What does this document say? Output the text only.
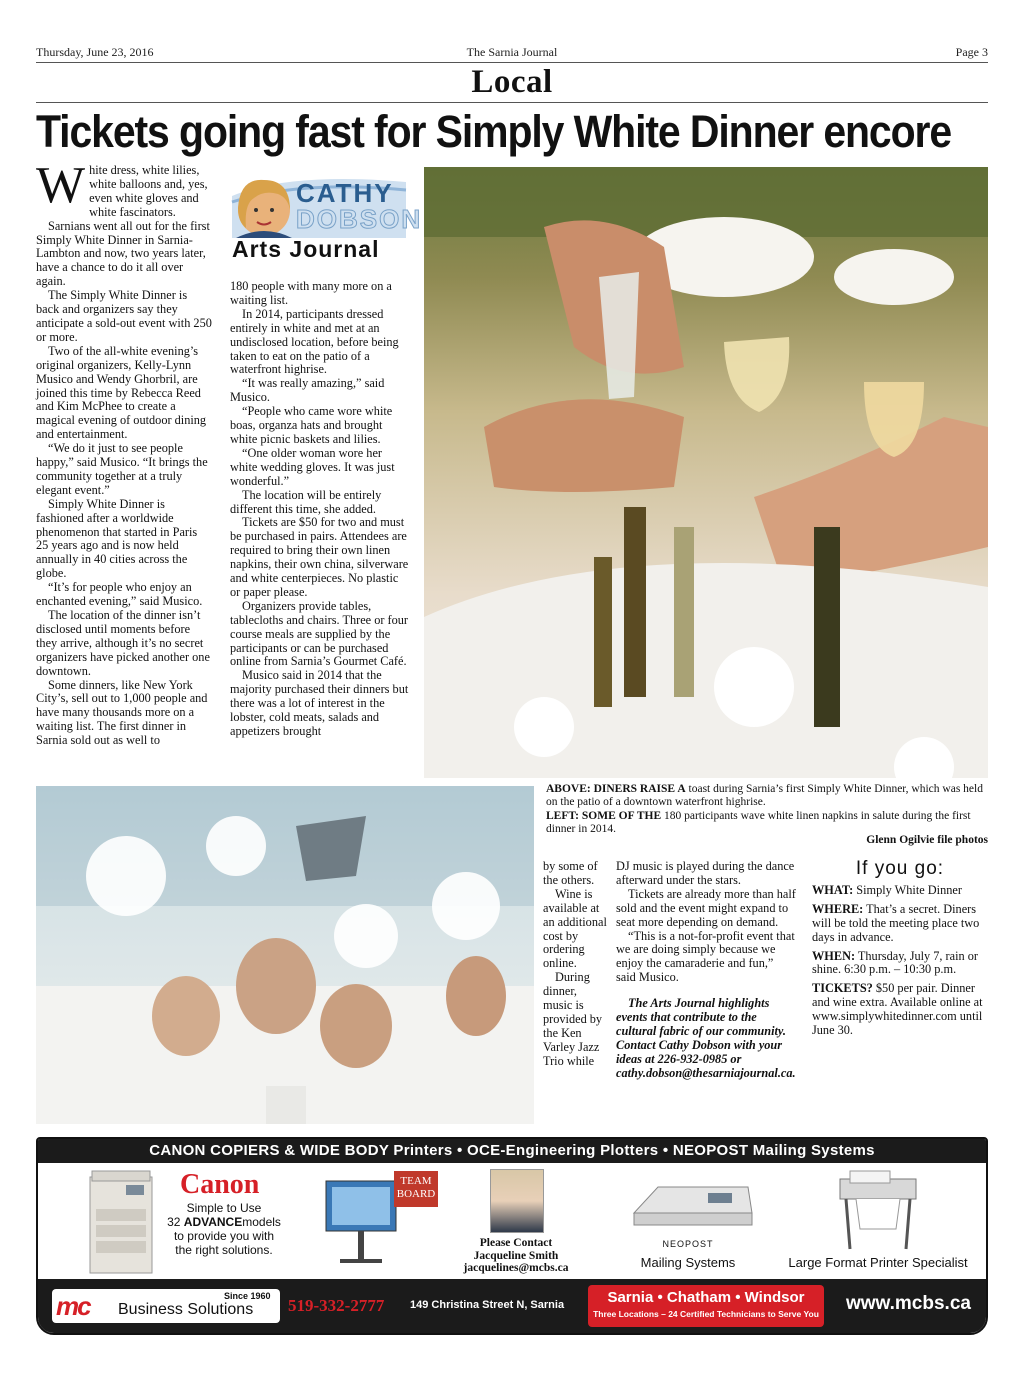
Thursday, June 23, 2016	The Sarnia Journal	Page 3
Local
Tickets going fast for Simply White Dinner encore

White dress, white lilies, white balloons and, yes, even white gloves and white fascinators.

Sarnians went all out for the first Simply White Dinner in Sarnia-Lambton and now, two years later, have a chance to do it all over again.

The Simply White Dinner is back and organizers say they anticipate a sold-out event with 250 or more.

Two of the all-white evening’s original organizers, Kelly-Lynn Musico and Wendy Ghorbril, are joined this time by Rebecca Reed and Kim McPhee to create a magical evening of outdoor dining and entertainment.

“We do it just to see people happy,” said Musico. “It brings the community together at a truly elegant event.”

Simply White Dinner is fashioned after a worldwide phenomenon that started in Paris 25 years ago and is now held annually in 40 cities across the globe.

“It’s for people who enjoy an enchanted evening,” said Musico.

The location of the dinner isn’t disclosed until moments before they arrive, although it’s no secret organizers have picked another one downtown.

Some dinners, like New York City’s, sell out to 1,000 people and have many thousands more on a waiting list. The first dinner in Sarnia sold out as well to

CATHY
DOBSON
Arts Journal

180 people with many more on a waiting list.

In 2014, participants dressed entirely in white and met at an undisclosed location, before being taken to eat on the patio of a waterfront highrise.

“It was really amazing,” said Musico.

“People who came wore white boas, organza hats and brought white picnic baskets and lilies.

“One older woman wore her white wedding gloves. It was just wonderful.”

The location will be entirely different this time, she added.

Tickets are $50 for two and must be purchased in pairs. Attendees are required to bring their own linen napkins, their own china, silverware and white centerpieces. No plastic or paper please.

Organizers provide tables, tablecloths and chairs. Three or four course meals are supplied by the participants or can be purchased online from Sarnia’s Gourmet Café.

Musico said in 2014 that the majority purchased their dinners but there was a lot of interest in the lobster, cold meats, salads and appetizers brought

ABOVE: DINERS RAISE A toast during Sarnia’s first Simply White Dinner, which was held on the patio of a downtown waterfront highrise.
LEFT: SOME OF THE 180 participants wave white linen napkins in salute during the first dinner in 2014.
Glenn Ogilvie file photos

by some of the others.

Wine is available at an additional cost by ordering online.

During dinner, music is provided by the Ken Varley Jazz Trio while

DJ music is played during the dance afterward under the stars.

Tickets are already more than half sold and the event might expand to seat more depending on demand.

“This is a not-for-profit event that we are doing simply because we enjoy the camaraderie and fun,” said Musico.

The Arts Journal highlights events that contribute to the cultural fabric of our community. Contact Cathy Dobson with your ideas at 226-932-0985 or cathy.dobson@thesarniajournal.ca.

If you go:

WHAT: Simply White Dinner

WHERE: That’s a secret. Diners will be told the meeting place two days in advance.

WHEN: Thursday, July 7, rain or shine. 6:30 p.m. – 10:30 p.m.

TICKETS? $50 per pair. Dinner and wine extra. Available online at www.simplywhitedinner.com until June 30.

CANON COPIERS & WIDE BODY Printers • OCE-Engineering Plotters • NEOPOST Mailing Systems
Canon
Simple to Use
32 ADVANCEmodels
to provide you with
the right solutions.
TEAM
BOARD
Please Contact
Jacqueline Smith
jacquelines@mcbs.ca
NEOPOST
Mailing Systems	Large Format Printer Specialist
mc	Since 1960
Business Solutions 519-332-2777 149 Christina Street N, Sarnia	Sarnia • Chatham • Windsor
Three Locations – 24 Certified Technicians to Serve You www.mcbs.ca
